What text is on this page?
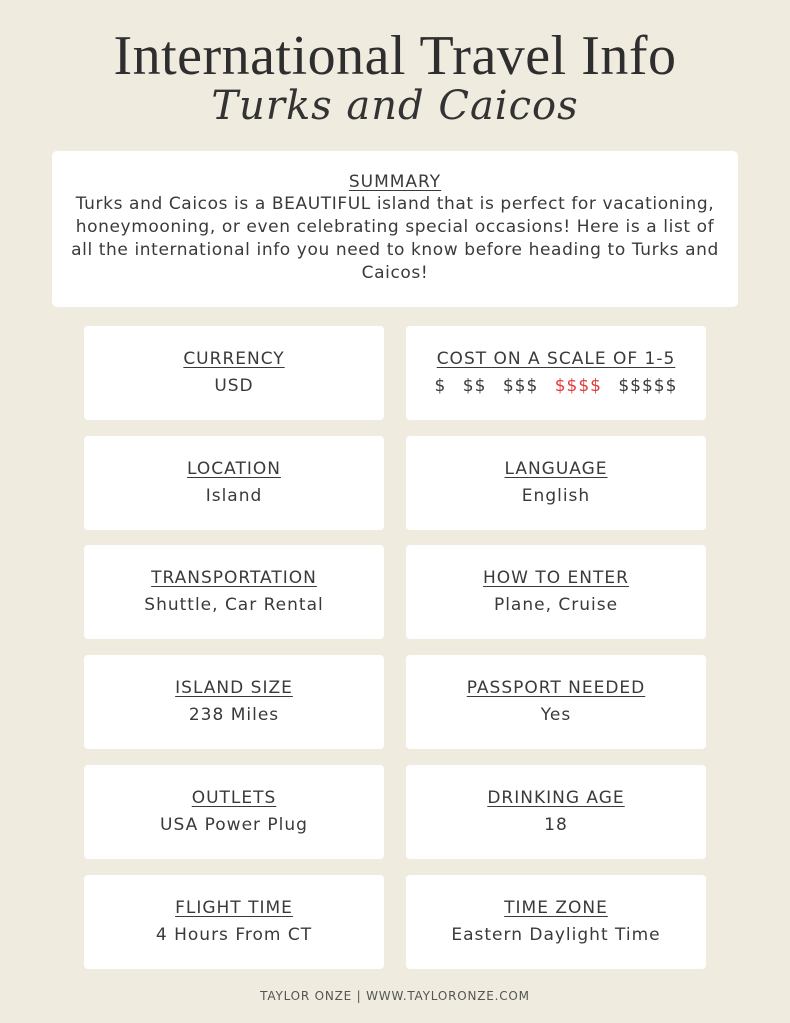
International Travel Info
Turks and Caicos
SUMMARY

Turks and Caicos is a BEAUTIFUL island that is perfect for vacationing, honeymooning, or even celebrating special occasions! Here is a list of all the international info you need to know before heading to Turks and Caicos!

CURRENCY
USD
COST ON A SCALE OF 1-5
$ $$ $$$ $$$$ $$$$$
LOCATION
Island
LANGUAGE
English
TRANSPORTATION
Shuttle, Car Rental
HOW TO ENTER
Plane, Cruise
ISLAND SIZE
238 Miles
PASSPORT NEEDED
Yes
OUTLETS
USA Power Plug
DRINKING AGE
18
FLIGHT TIME
4 Hours From CT
TIME ZONE
Eastern Daylight Time
TAYLOR ONZE | WWW.TAYLORONZE.COM
